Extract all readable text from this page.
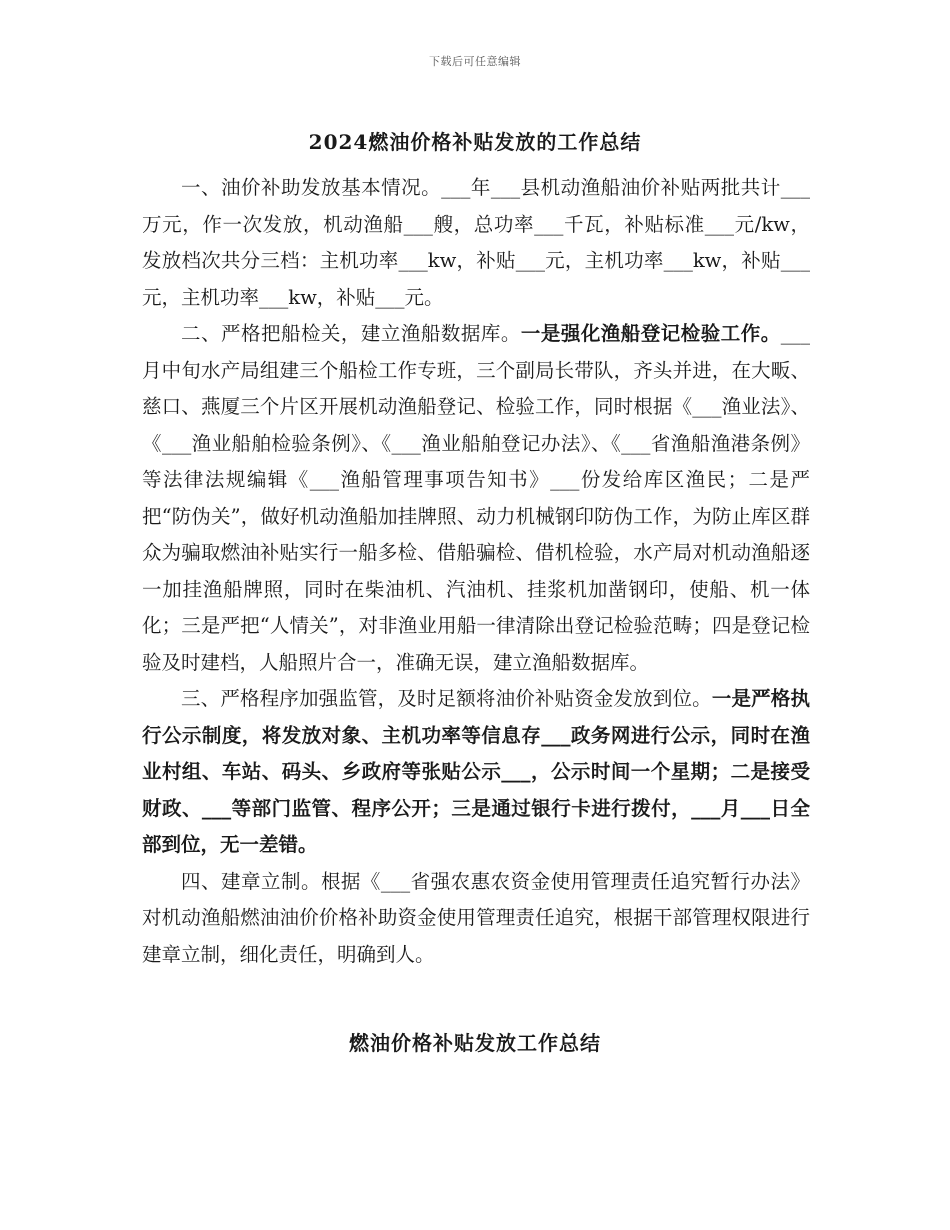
下载后可任意编辑
2024燃油价格补贴发放的工作总结

一、油价补助发放基本情况。___年___县机动渔船油价补贴两批共计___万元，作一次发放，机动渔船___艘，总功率___千瓦，补贴标准___元/kw，发放档次共分三档：主机功率___kw，补贴___元，主机功率___kw，补贴___元，主机功率___kw，补贴___元。

二、严格把船检关，建立渔船数据库。一是强化渔船登记检验工作。___月中旬水产局组建三个船检工作专班，三个副局长带队，齐头并进，在大畈、慈口、燕厦三个片区开展机动渔船登记、检验工作，同时根据《___渔业法》、《___渔业船舶检验条例》、《___渔业船舶登记办法》、《___省渔船渔港条例》等法律法规编辑《___渔船管理事项告知书》___份发给库区渔民；二是严把“防伪关”，做好机动渔船加挂牌照、动力机械钢印防伪工作，为防止库区群众为骗取燃油补贴实行一船多检、借船骗检、借机检验，水产局对机动渔船逐一加挂渔船牌照，同时在柴油机、汽油机、挂浆机加凿钢印，使船、机一体化；三是严把“人情关”，对非渔业用船一律清除出登记检验范畴；四是登记检验及时建档，人船照片合一，准确无误，建立渔船数据库。

三、严格程序加强监管，及时足额将油价补贴资金发放到位。一是严格执行公示制度，将发放对象、主机功率等信息存___政务网进行公示，同时在渔业村组、车站、码头、乡政府等张贴公示___，公示时间一个星期；二是接受财政、___等部门监管、程序公开；三是通过银行卡进行拨付，___月___日全部到位，无一差错。

四、建章立制。根据《___省强农惠农资金使用管理责任追究暂行办法》对机动渔船燃油油价价格补助资金使用管理责任追究，根据干部管理权限进行建章立制，细化责任，明确到人。

燃油价格补贴发放工作总结
